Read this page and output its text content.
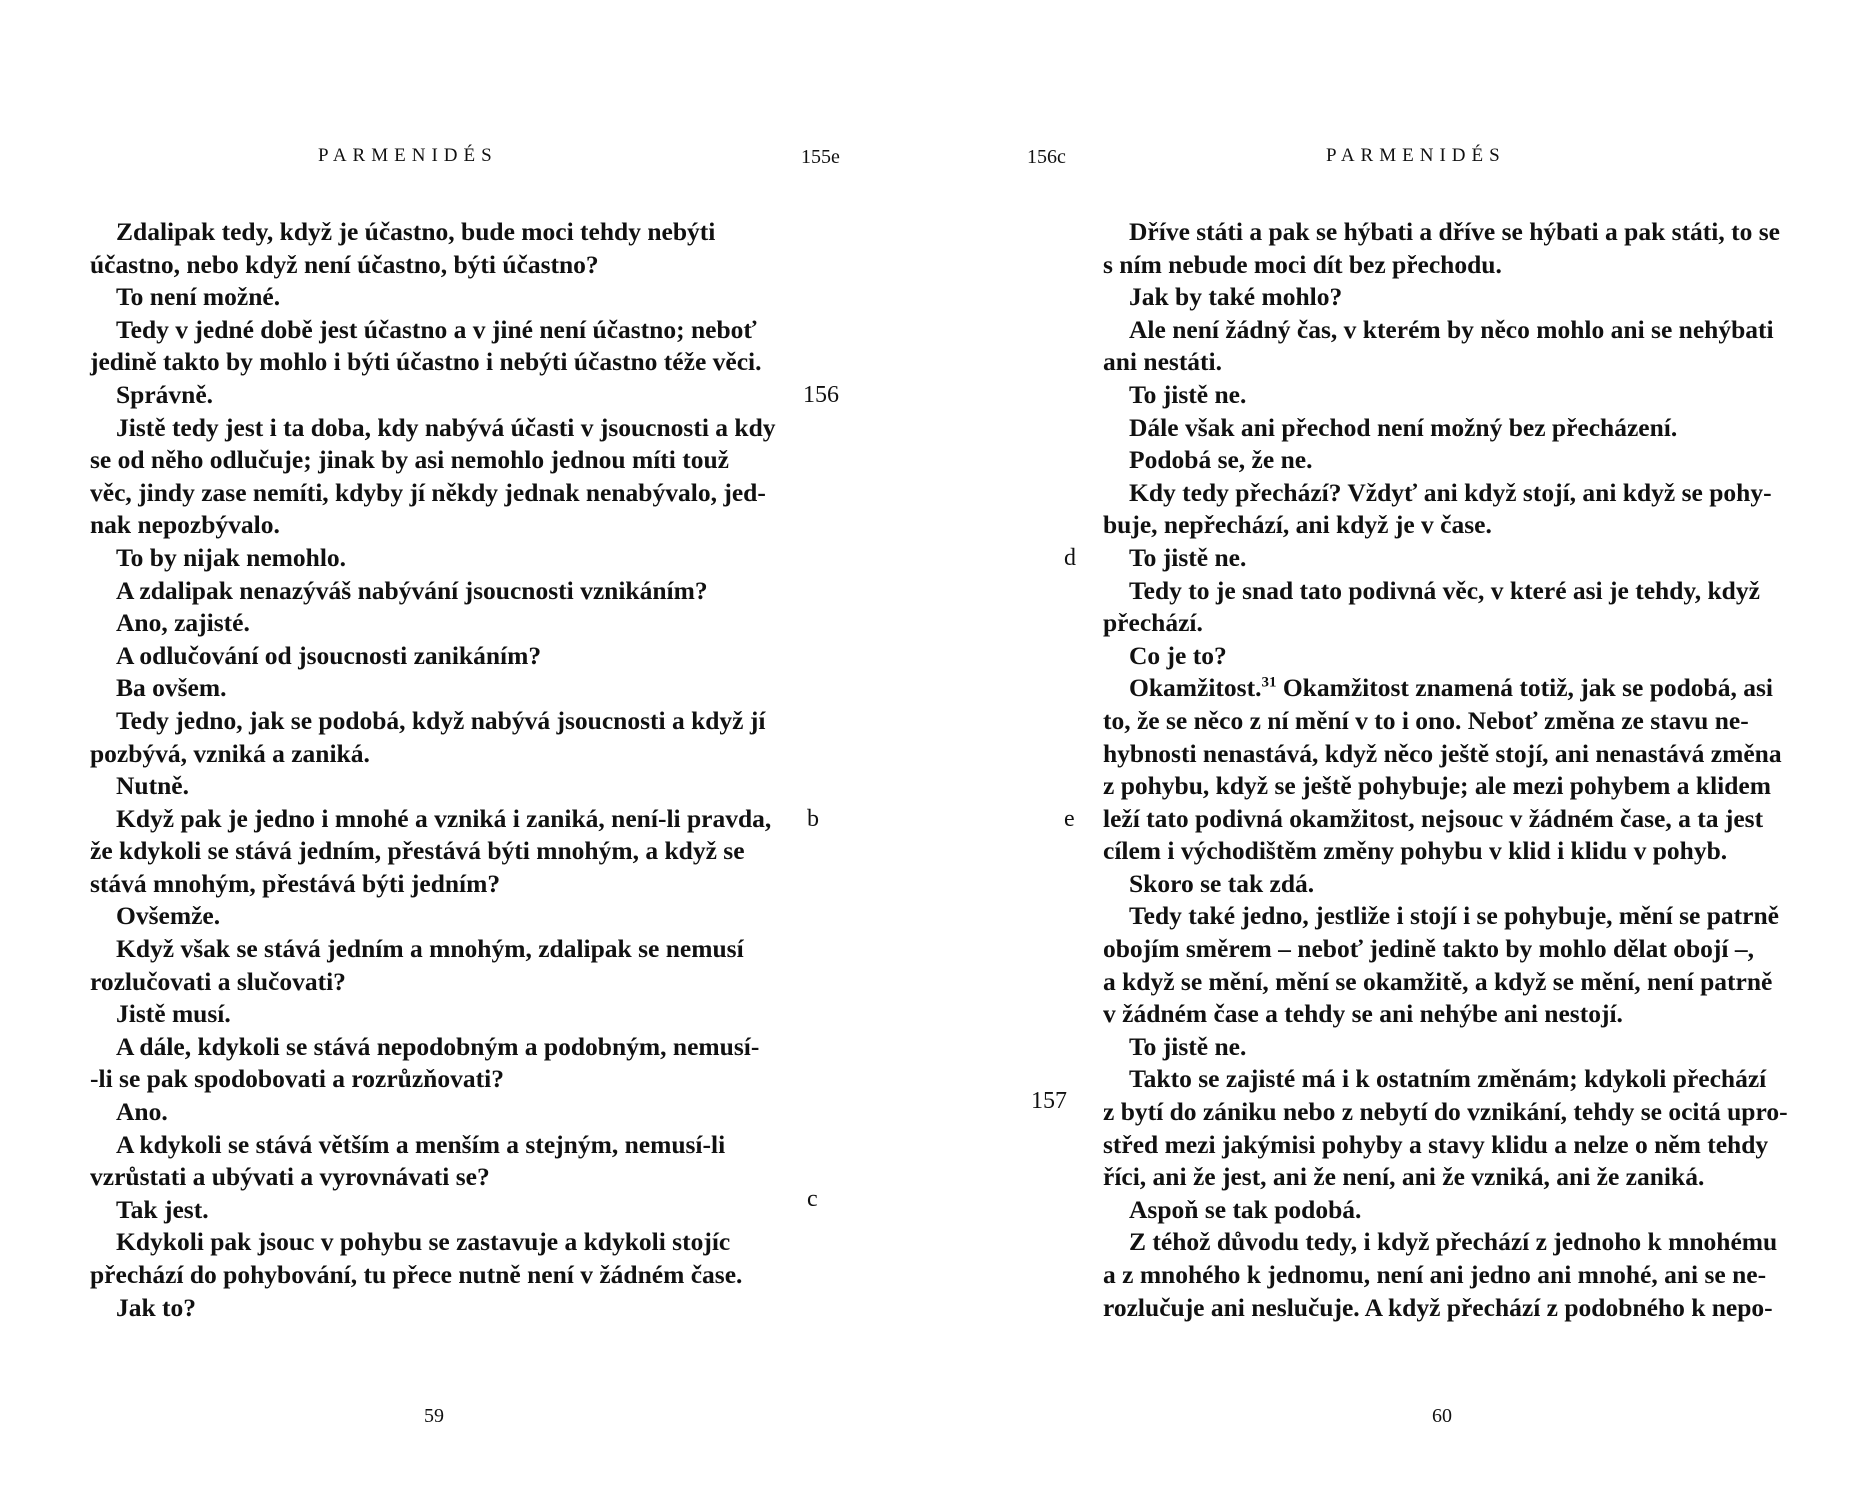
PARMENIDÉS	155e
Zdalipak tedy, když je účastno, bude moci tehdy nebýti
účastno, nebo když není účastno, býti účastno?
To není možné.
Tedy v jedné době jest účastno a v jiné není účastno; neboť
jedině takto by mohlo i býti účastno i nebýti účastno téže věci.
Správně.
Jistě tedy jest i ta doba, kdy nabývá účasti v jsoucnosti a kdy
se od něho odlučuje; jinak by asi nemohlo jednou míti touž
věc, jindy zase nemíti, kdyby jí někdy jednak nenabývalo, jed-
nak nepozbývalo.
To by nijak nemohlo.
A zdalipak nenazýváš nabývání jsoucnosti vznikáním?
Ano, zajisté.
A odlučování od jsoucnosti zanikáním?
Ba ovšem.
Tedy jedno, jak se podobá, když nabývá jsoucnosti a když jí
pozbývá, vzniká a zaniká.
Nutně.
Když pak je jedno i mnohé a vzniká i zaniká, není-li pravda,
že kdykoli se stává jedním, přestává býti mnohým, a když se
stává mnohým, přestává býti jedním?
Ovšemže.
Když však se stává jedním a mnohým, zdalipak se nemusí
rozlučovati a slučovati?
Jistě musí.
A dále, kdykoli se stává nepodobným a podobným, nemusí-
-li se pak spodobovati a rozrůzňovati?
Ano.
A kdykoli se stává větším a menším a stejným, nemusí-li
vzrůstati a ubývati a vyrovnávati se?
Tak jest.
Kdykoli pak jsouc v pohybu se zastavuje a kdykoli stojíc
přechází do pohybování, tu přece nutně není v žádném čase.
Jak to?
156
b
c
59
156c	PARMENIDÉS
Dříve státi a pak se hýbati a dříve se hýbati a pak státi, to se
s ním nebude moci dít bez přechodu.
Jak by také mohlo?
Ale není žádný čas, v kterém by něco mohlo ani se nehýbati
ani nestáti.
To jistě ne.
Dále však ani přechod není možný bez přecházení.
Podobá se, že ne.
Kdy tedy přechází? Vždyť ani když stojí, ani když se pohy-
buje, nepřechází, ani když je v čase.
To jistě ne.
Tedy to je snad tato podivná věc, v které asi je tehdy, když
přechází.
Co je to?
Okamžitost.$^{31}$ Okamžitost znamená totiž, jak se podobá, asi
to, že se něco z ní mění v to i ono. Neboť změna ze stavu ne-
hybnosti nenastává, když něco ještě stojí, ani nenastává změna
z pohybu, když se ještě pohybuje; ale mezi pohybem a klidem
leží tato podivná okamžitost, nejsouc v žádném čase, a ta jest
cílem i východištěm změny pohybu v klid i klidu v pohyb.
Skoro se tak zdá.
Tedy také jedno, jestliže i stojí i se pohybuje, mění se patrně
obojím směrem – neboť jedině takto by mohlo dělat obojí –,
a když se mění, mění se okamžitě, a když se mění, není patrně
v žádném čase a tehdy se ani nehýbe ani nestojí.
To jistě ne.
Takto se zajisté má i k ostatním změnám; kdykoli přechází
z bytí do zániku nebo z nebytí do vznikání, tehdy se ocitá upro-
střed mezi jakýmisi pohyby a stavy klidu a nelze o něm tehdy
říci, ani že jest, ani že není, ani že vzniká, ani že zaniká.
Aspoň se tak podobá.
Z téhož důvodu tedy, i když přechází z jednoho k mnohému
a z mnohého k jednomu, není ani jedno ani mnohé, ani se ne-
rozlučuje ani neslučuje. A když přechází z podobného k nepo-
d
e
157
60
